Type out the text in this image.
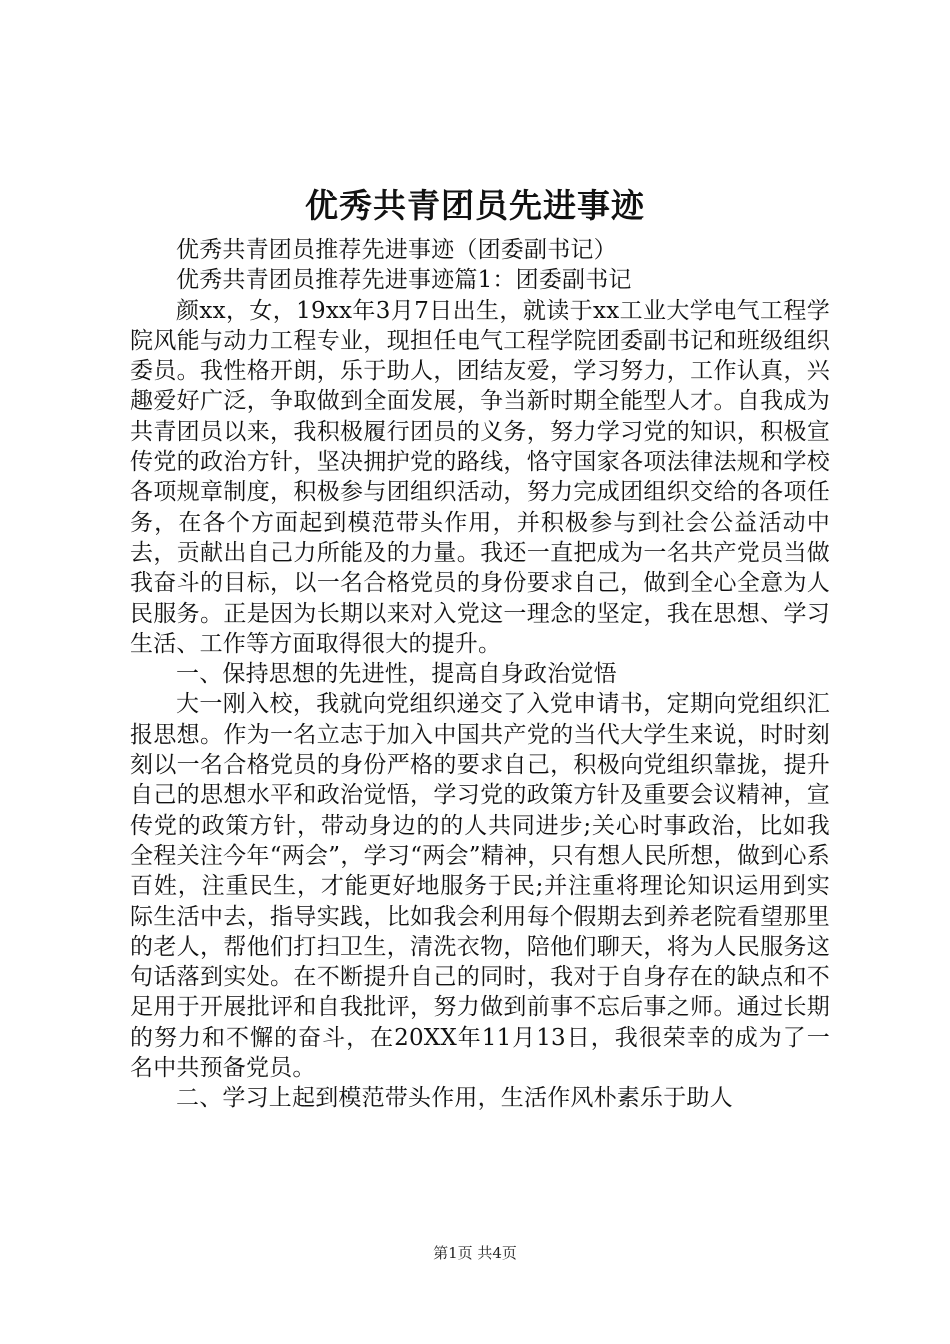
优秀共青团员先进事迹

优秀共青团员推荐先进事迹（团委副书记）

优秀共青团员推荐先进事迹篇1：团委副书记

颜xx，女，19xx年3月7日出生，就读于xx工业大学电气工程学院风能与动力工程专业，现担任电气工程学院团委副书记和班级组织委员。我性格开朗，乐于助人，团结友爱，学习努力，工作认真，兴趣爱好广泛，争取做到全面发展，争当新时期全能型人才。自我成为共青团员以来，我积极履行团员的义务，努力学习党的知识，积极宣传党的政治方针，坚决拥护党的路线，恪守国家各项法律法规和学校各项规章制度，积极参与团组织活动，努力完成团组织交给的各项任务，在各个方面起到模范带头作用，并积极参与到社会公益活动中去，贡献出自己力所能及的力量。我还一直把成为一名共产党员当做我奋斗的目标，以一名合格党员的身份要求自己，做到全心全意为人民服务。正是因为长期以来对入党这一理念的坚定，我在思想、学习生活、工作等方面取得很大的提升。

一、保持思想的先进性，提高自身政治觉悟

大一刚入校，我就向党组织递交了入党申请书，定期向党组织汇报思想。作为一名立志于加入中国共产党的当代大学生来说，时时刻刻以一名合格党员的身份严格的要求自己，积极向党组织靠拢，提升自己的思想水平和政治觉悟，学习党的政策方针及重要会议精神，宣传党的政策方针，带动身边的的人共同进步;关心时事政治，比如我全程关注今年“两会”，学习“两会”精神，只有想人民所想，做到心系百姓，注重民生，才能更好地服务于民;并注重将理论知识运用到实际生活中去，指导实践，比如我会利用每个假期去到养老院看望那里的老人，帮他们打扫卫生，清洗衣物，陪他们聊天，将为人民服务这句话落到实处。在不断提升自己的同时，我对于自身存在的缺点和不足用于开展批评和自我批评，努力做到前事不忘后事之师。通过长期的努力和不懈的奋斗，在20XX年11月13日，我很荣幸的成为了一名中共预备党员。

二、学习上起到模范带头作用，生活作风朴素乐于助人

第1页 共4页
